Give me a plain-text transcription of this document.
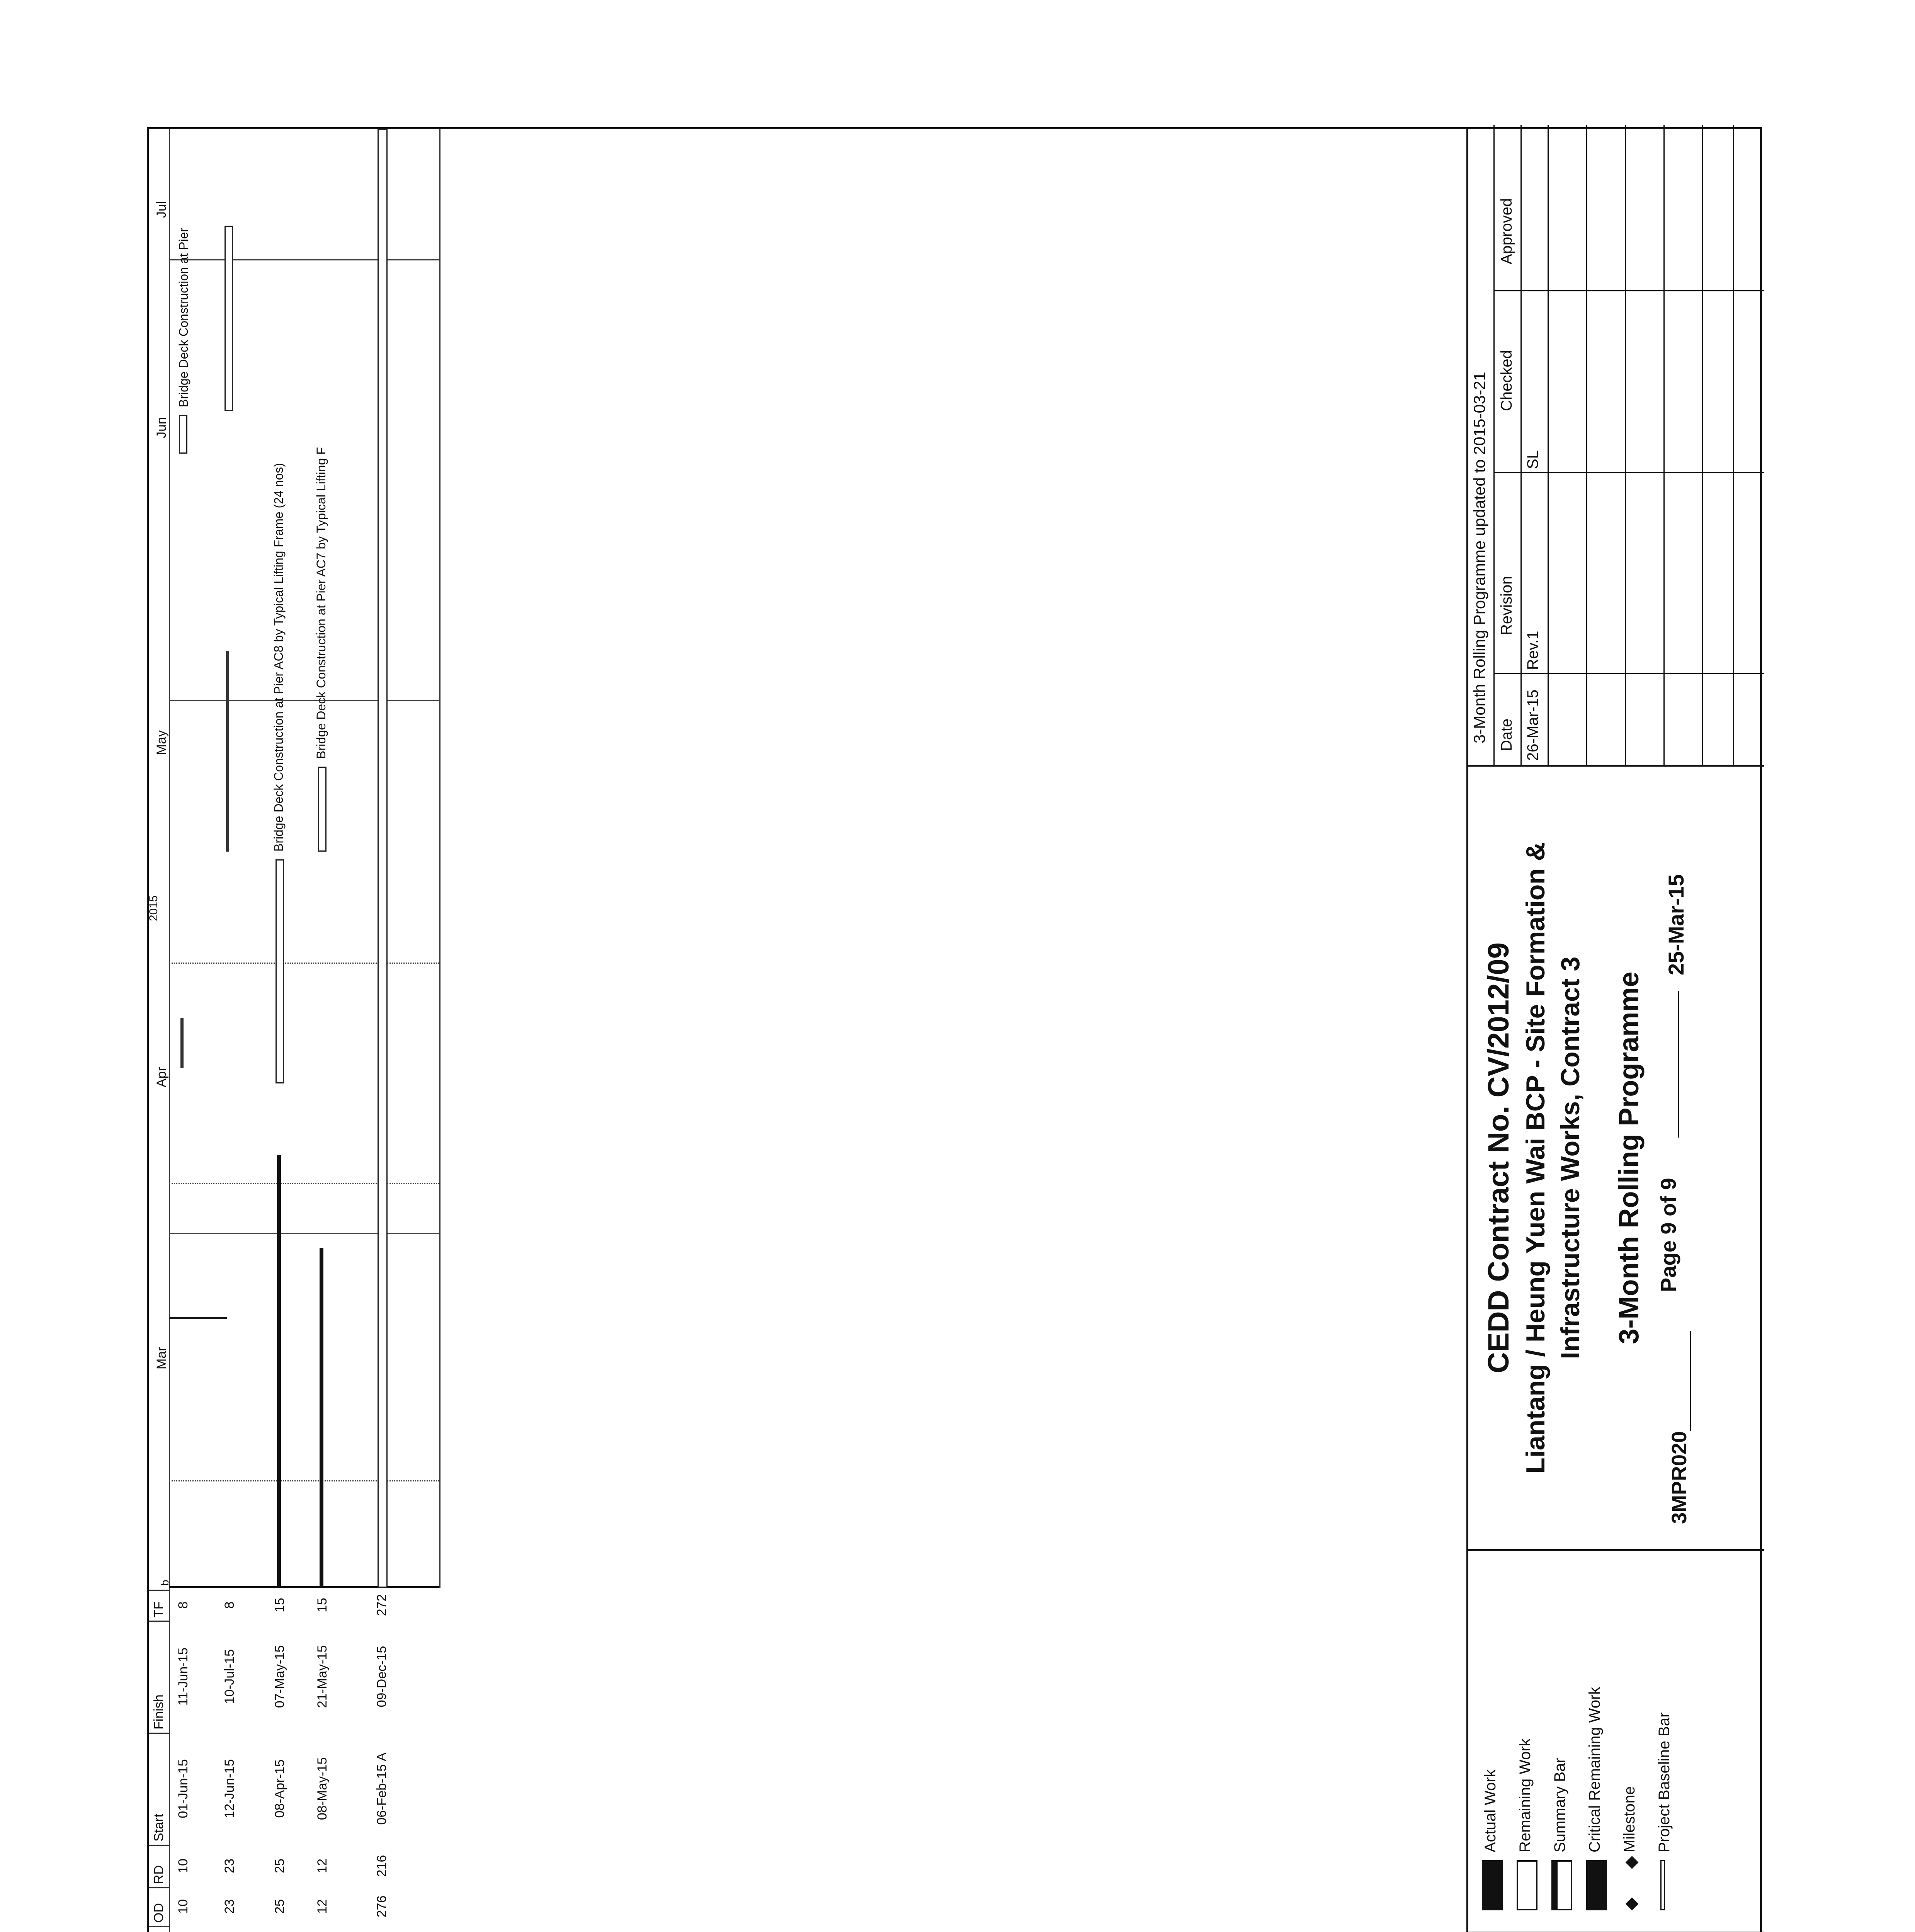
OD
RD
Start
Finish
TF
b
2015
Mar
Apr
May
Jun
Jul
10
10
01-Jun-15
11-Jun-15
8
Bridge Deck Construction at Pier
23
23
12-Jun-15
10-Jul-15
8
25
25
08-Apr-15
07-May-15
15
Bridge Deck Construction at Pier AC8 by Typical Lifting Frame (24 nos)
12
12
08-May-15
21-May-15
15
Bridge Deck Construction at Pier AC7 by Typical Lifting F
276
216
06-Feb-15 A
09-Dec-15
272
Actual Work Remaining Work Summary Bar Critical Remaining Work
◆      ◆
Milestone Project Baseline Bar
CEDD Contract No. CV/2012/09 Liantang / Heung Yuen Wai BCP - Site Formation & Infrastructure Works, Contract 3 3-Month Rolling Programme
3MPR020
Page 9 of 9
25-Mar-15
3-Month Rolling Programme updated to 2015-03-21 Date
Revision
Checked
Approved
26-Mar-15
Rev.1
SL
